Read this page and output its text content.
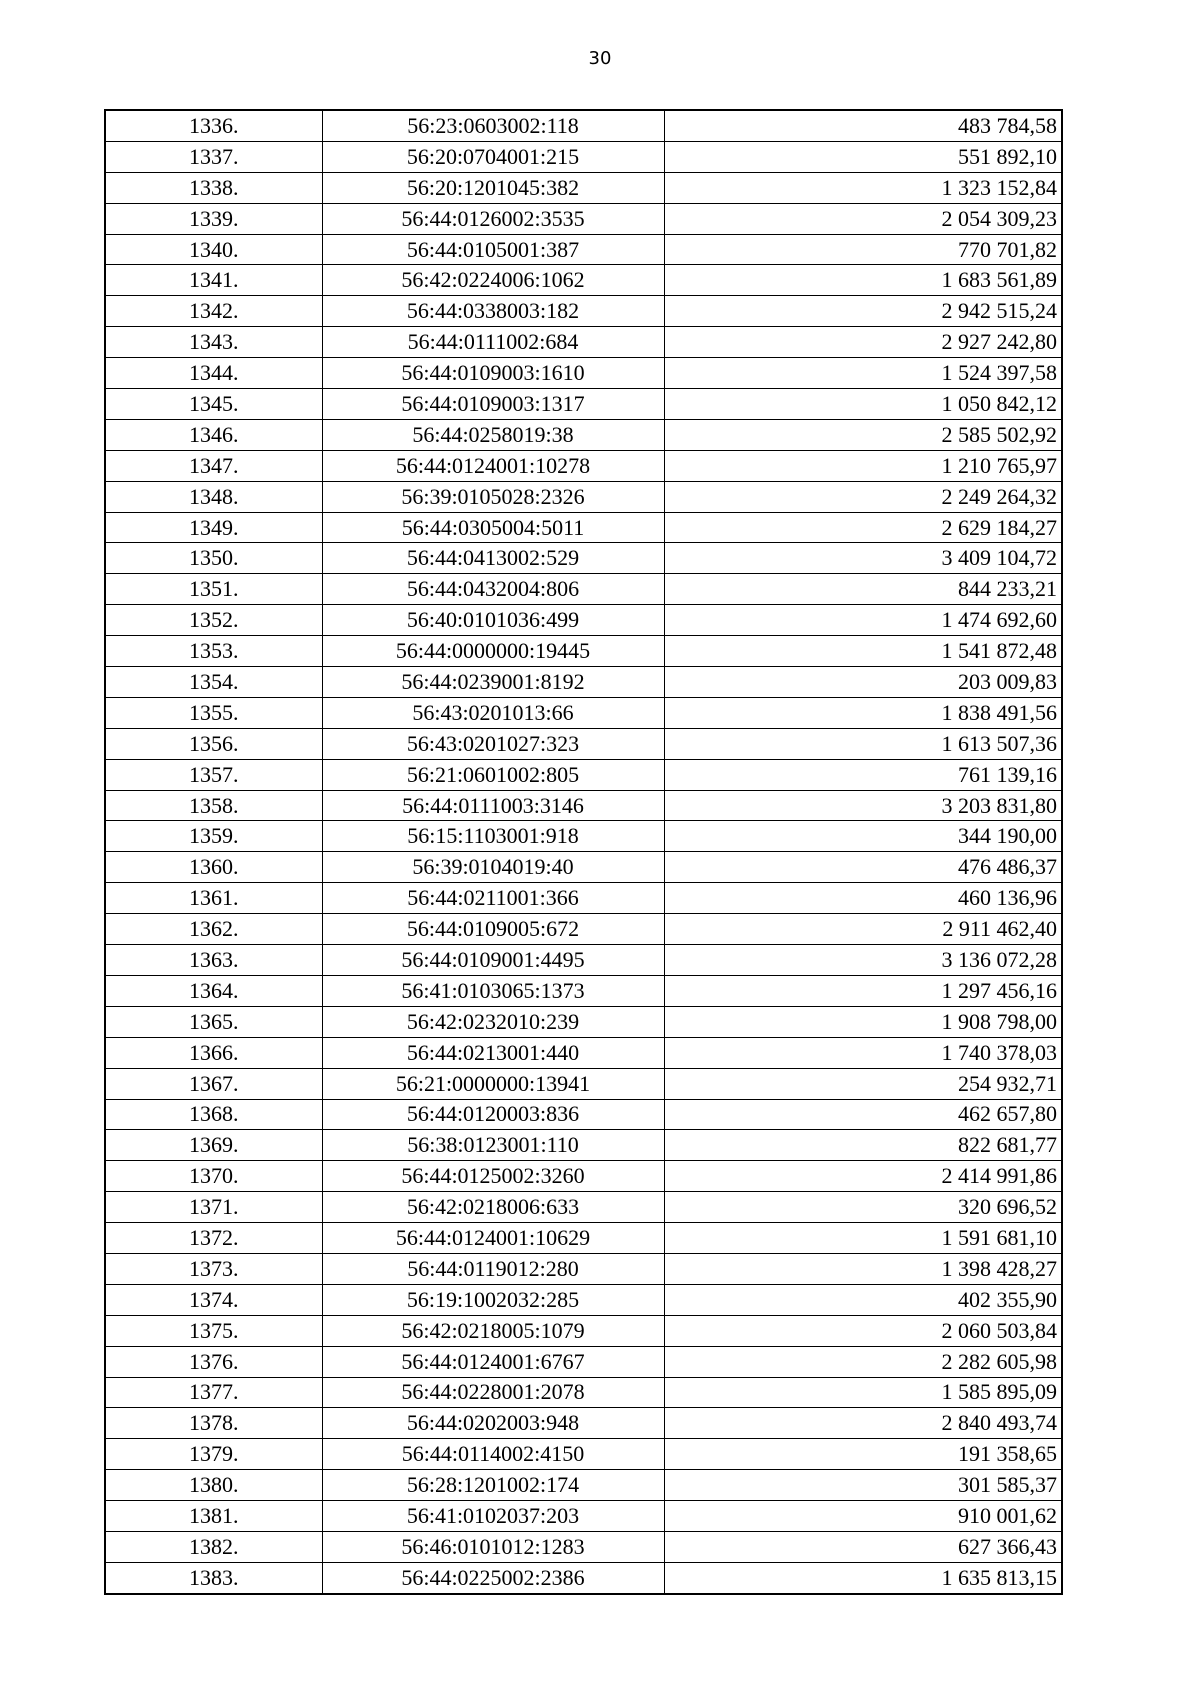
30
1336.	56:23:0603002:118	483 784,58
1337.	56:20:0704001:215	551 892,10
1338.	56:20:1201045:382	1 323 152,84
1339.	56:44:0126002:3535	2 054 309,23
1340.	56:44:0105001:387	770 701,82
1341.	56:42:0224006:1062	1 683 561,89
1342.	56:44:0338003:182	2 942 515,24
1343.	56:44:0111002:684	2 927 242,80
1344.	56:44:0109003:1610	1 524 397,58
1345.	56:44:0109003:1317	1 050 842,12
1346.	56:44:0258019:38	2 585 502,92
1347.	56:44:0124001:10278	1 210 765,97
1348.	56:39:0105028:2326	2 249 264,32
1349.	56:44:0305004:5011	2 629 184,27
1350.	56:44:0413002:529	3 409 104,72
1351.	56:44:0432004:806	844 233,21
1352.	56:40:0101036:499	1 474 692,60
1353.	56:44:0000000:19445	1 541 872,48
1354.	56:44:0239001:8192	203 009,83
1355.	56:43:0201013:66	1 838 491,56
1356.	56:43:0201027:323	1 613 507,36
1357.	56:21:0601002:805	761 139,16
1358.	56:44:0111003:3146	3 203 831,80
1359.	56:15:1103001:918	344 190,00
1360.	56:39:0104019:40	476 486,37
1361.	56:44:0211001:366	460 136,96
1362.	56:44:0109005:672	2 911 462,40
1363.	56:44:0109001:4495	3 136 072,28
1364.	56:41:0103065:1373	1 297 456,16
1365.	56:42:0232010:239	1 908 798,00
1366.	56:44:0213001:440	1 740 378,03
1367.	56:21:0000000:13941	254 932,71
1368.	56:44:0120003:836	462 657,80
1369.	56:38:0123001:110	822 681,77
1370.	56:44:0125002:3260	2 414 991,86
1371.	56:42:0218006:633	320 696,52
1372.	56:44:0124001:10629	1 591 681,10
1373.	56:44:0119012:280	1 398 428,27
1374.	56:19:1002032:285	402 355,90
1375.	56:42:0218005:1079	2 060 503,84
1376.	56:44:0124001:6767	2 282 605,98
1377.	56:44:0228001:2078	1 585 895,09
1378.	56:44:0202003:948	2 840 493,74
1379.	56:44:0114002:4150	191 358,65
1380.	56:28:1201002:174	301 585,37
1381.	56:41:0102037:203	910 001,62
1382.	56:46:0101012:1283	627 366,43
1383.	56:44:0225002:2386	1 635 813,15
